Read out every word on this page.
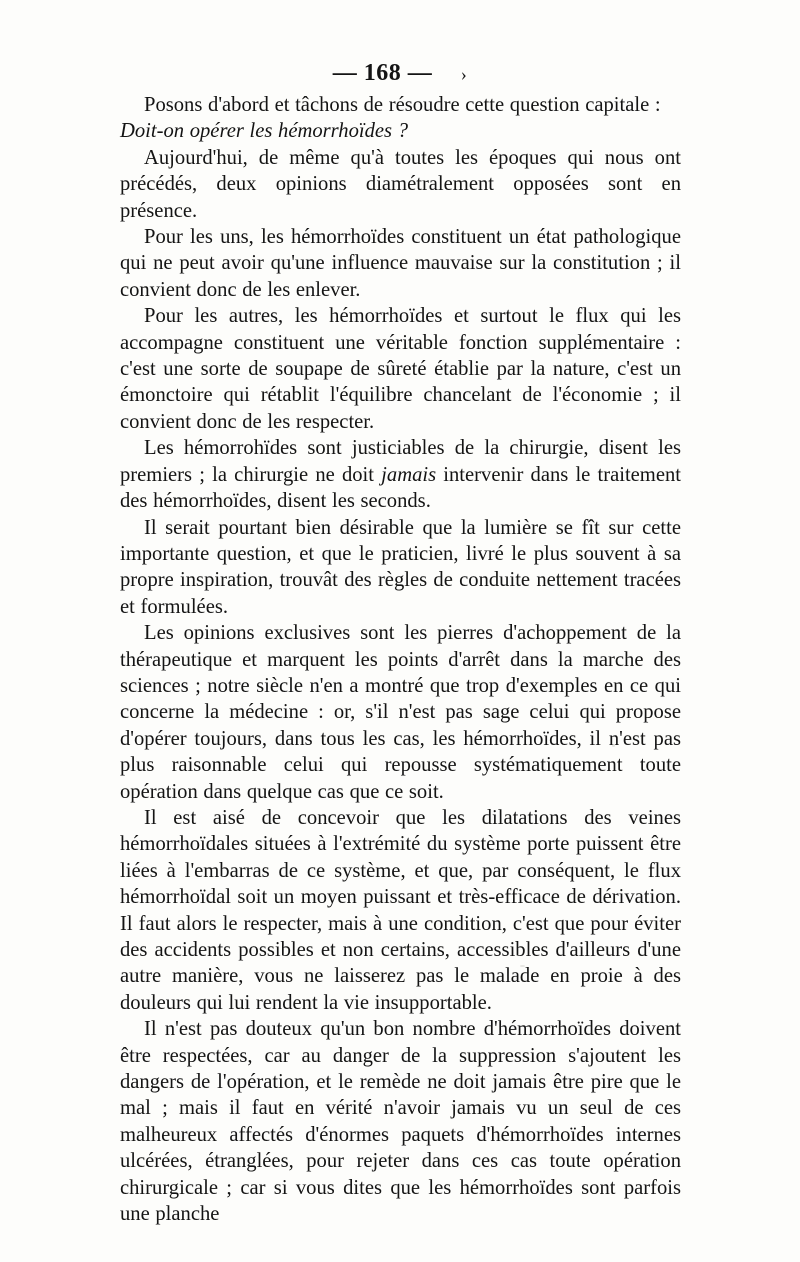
— 168 — ›

Posons d'abord et tâchons de résoudre cette question capitale :

Doit-on opérer les hémorrhoïdes ?

Aujourd'hui, de même qu'à toutes les époques qui nous ont précédés, deux opinions diamétralement opposées sont en présence.

Pour les uns, les hémorrhoïdes constituent un état pathologique qui ne peut avoir qu'une influence mauvaise sur la constitution ; il convient donc de les enlever.

Pour les autres, les hémorrhoïdes et surtout le flux qui les accompagne constituent une véritable fonction supplémentaire : c'est une sorte de soupape de sûreté établie par la nature, c'est un émonctoire qui rétablit l'équilibre chancelant de l'économie ; il convient donc de les respecter.

Les hémorrohïdes sont justiciables de la chirurgie, disent les premiers ; la chirurgie ne doit jamais intervenir dans le traitement des hémorrhoïdes, disent les seconds.

Il serait pourtant bien désirable que la lumière se fît sur cette importante question, et que le praticien, livré le plus souvent à sa propre inspiration, trouvât des règles de conduite nettement tracées et formulées.

Les opinions exclusives sont les pierres d'achoppement de la thérapeutique et marquent les points d'arrêt dans la marche des sciences ; notre siècle n'en a montré que trop d'exemples en ce qui concerne la médecine : or, s'il n'est pas sage celui qui propose d'opérer toujours, dans tous les cas, les hémorrhoïdes, il n'est pas plus raisonnable celui qui repousse systématiquement toute opération dans quelque cas que ce soit.

Il est aisé de concevoir que les dilatations des veines hémorrhoïdales situées à l'extrémité du système porte puissent être liées à l'embarras de ce système, et que, par conséquent, le flux hémorrhoïdal soit un moyen puissant et très-efficace de dérivation. Il faut alors le respecter, mais à une condition, c'est que pour éviter des accidents possibles et non certains, accessibles d'ailleurs d'une autre manière, vous ne laisserez pas le malade en proie à des douleurs qui lui rendent la vie insupportable.

Il n'est pas douteux qu'un bon nombre d'hémorrhoïdes doivent être respectées, car au danger de la suppression s'ajoutent les dangers de l'opération, et le remède ne doit jamais être pire que le mal ; mais il faut en vérité n'avoir jamais vu un seul de ces malheureux affectés d'énormes paquets d'hémorrhoïdes internes ulcérées, étranglées, pour rejeter dans ces cas toute opération chirurgicale ; car si vous dites que les hémorrhoïdes sont parfois une planche
